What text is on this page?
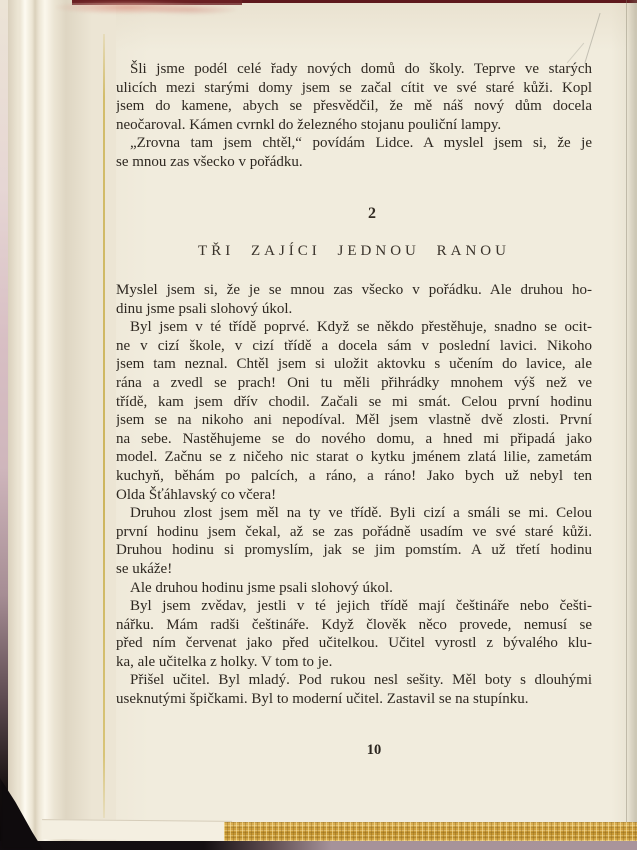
Šli jsme podél celé řady nových domů do školy. Teprve ve starých
ulicích mezi starými domy jsem se začal cítit ve své staré kůži. Kopl
jsem do kamene, abych se přesvědčil, že mě náš nový dům docela
neočaroval. Kámen cvrnkl do železného stojanu pouliční lampy.
„Zrovna tam jsem chtěl,“ povídám Lidce. A myslel jsem si, že je
se mnou zas všecko v pořádku.
2
TŘI ZAJÍCI JEDNOU RANOU
Myslel jsem si, že je se mnou zas všecko v pořádku. Ale druhou ho-
dinu jsme psali slohový úkol.
Byl jsem v té třídě poprvé. Když se někdo přestěhuje, snadno se ocit-
ne v cizí škole, v cizí třídě a docela sám v poslední lavici. Nikoho
jsem tam neznal. Chtěl jsem si uložit aktovku s učením do lavice, ale
rána a zvedl se prach! Oni tu měli přihrádky mnohem výš než ve
třídě, kam jsem dřív chodil. Začali se mi smát. Celou první hodinu
jsem se na nikoho ani nepodíval. Měl jsem vlastně dvě zlosti. První
na sebe. Nastěhujeme se do nového domu, a hned mi připadá jako
model. Začnu se z ničeho nic starat o kytku jménem zlatá lilie, zametám
kuchyň, běhám po palcích, a ráno, a ráno! Jako bych už nebyl ten
Olda Šťáhlavský co včera!
Druhou zlost jsem měl na ty ve třídě. Byli cizí a smáli se mi. Celou
první hodinu jsem čekal, až se zas pořádně usadím ve své staré kůži.
Druhou hodinu si promyslím, jak se jim pomstím. A už třetí hodinu
se ukáže!
Ale druhou hodinu jsme psali slohový úkol.
Byl jsem zvědav, jestli v té jejich třídě mají češtináře nebo češti-
nářku. Mám radši češtináře. Když člověk něco provede, nemusí se
před ním červenat jako před učitelkou. Učitel vyrostl z bývalého klu-
ka, ale učitelka z holky. V tom to je.
Přišel učitel. Byl mladý. Pod rukou nesl sešity. Měl boty s dlouhými
useknutými špičkami. Byl to moderní učitel. Zastavil se na stupínku.
10
